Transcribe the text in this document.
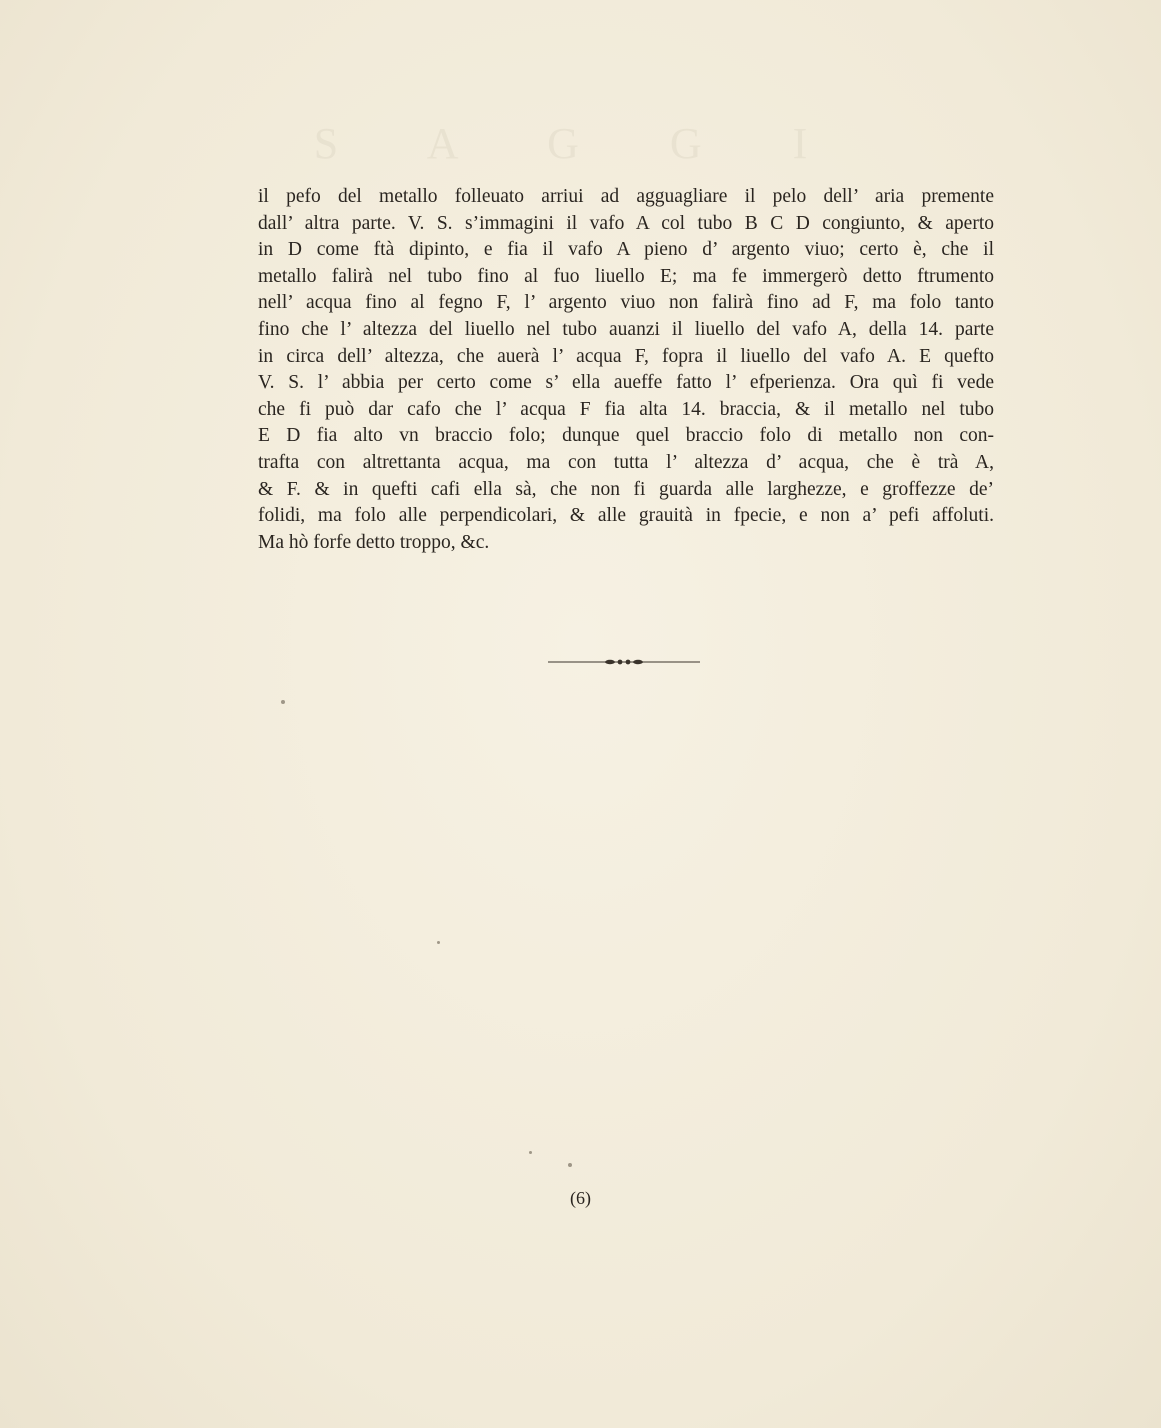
S A G G I
il pefo del metallo folleuato arriui ad agguagliare il pelo dell’ aria premente
dall’ altra parte. V. S. s’immagini il vafo A col tubo B C D congiunto, & aperto
in D come ftà dipinto, e fia il vafo A pieno d’ argento viuo; certo è, che il
metallo falirà nel tubo fino al fuo liuello E; ma fe immergerò detto ftrumento
nell’ acqua fino al fegno F, l’ argento viuo non falirà fino ad F, ma folo tanto
fino che l’ altezza del liuello nel tubo auanzi il liuello del vafo A, della 14. parte
in circa dell’ altezza, che auerà l’ acqua F, fopra il liuello del vafo A. E quefto
V. S. l’ abbia per certo come s’ ella aueffe fatto l’ efperienza. Ora quì fi vede
che fi può dar cafo che l’ acqua F fia alta 14. braccia, & il metallo nel tubo
E D fia alto vn braccio folo; dunque quel braccio folo di metallo non con-
trafta con altrettanta acqua, ma con tutta l’ altezza d’ acqua, che è trà A,
& F. & in quefti cafi ella sà, che non fi guarda alle larghezze, e groffezze de’
folidi, ma folo alle perpendicolari, & alle grauità in fpecie, e non a’ pefi affoluti.
Ma hò forfe detto troppo, &c.
(6)
